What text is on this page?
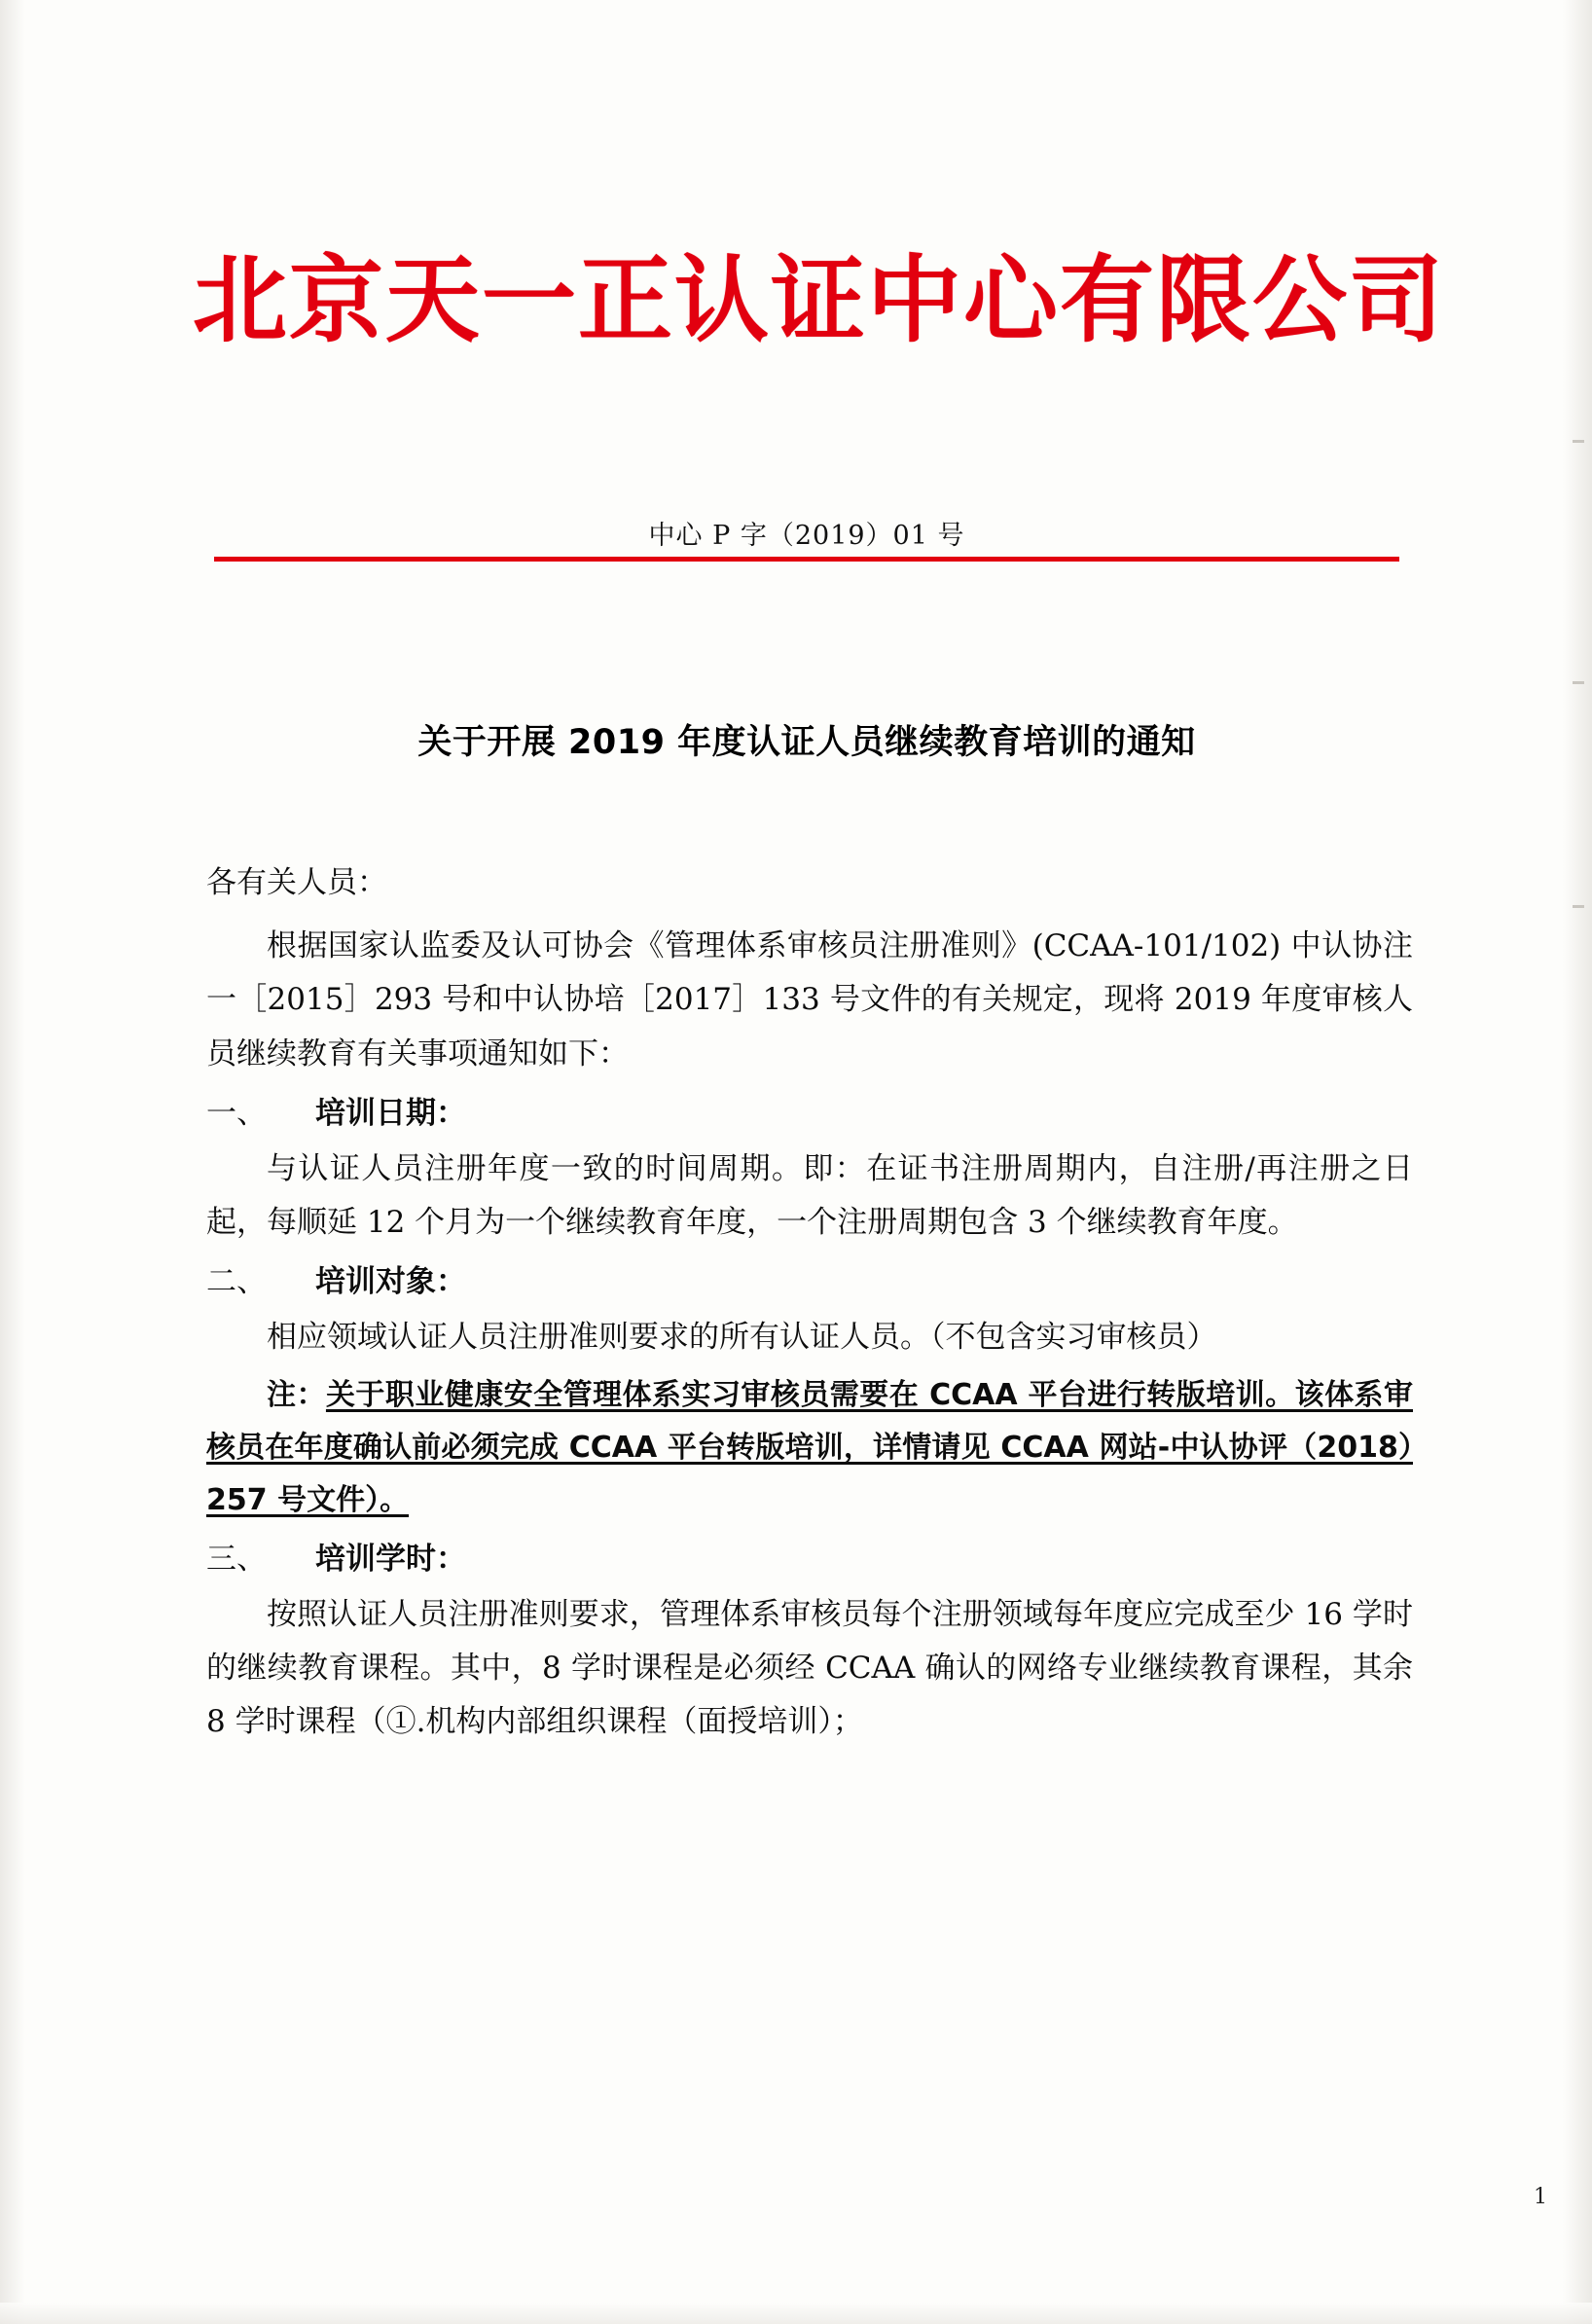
北京天一正认证中心有限公司
中心 P 字（2019）01 号
关于开展 2019 年度认证人员继续教育培训的通知

各有关人员：

根据国家认监委及认可协会《管理体系审核员注册准则》(CCAA-101/102) 中认协注一［2015］293 号和中认协培［2017］133 号文件的有关规定，现将 2019 年度审核人员继续教育有关事项通知如下：

一、 培训日期：

与认证人员注册年度一致的时间周期。即：在证书注册周期内，自注册/再注册之日起，每顺延 12 个月为一个继续教育年度，一个注册周期包含 3 个继续教育年度。

二、 培训对象：

相应领域认证人员注册准则要求的所有认证人员。（不包含实习审核员）

注：关于职业健康安全管理体系实习审核员需要在 CCAA 平台进行转版培训。该体系审核员在年度确认前必须完成 CCAA 平台转版培训，详情请见 CCAA 网站-中认协评（2018）257 号文件）。

三、 培训学时：

按照认证人员注册准则要求，管理体系审核员每个注册领域每年度应完成至少 16 学时的继续教育课程。其中，8 学时课程是必须经 CCAA 确认的网络专业继续教育课程，其余 8 学时课程（①.机构内部组织课程（面授培训）；

1
